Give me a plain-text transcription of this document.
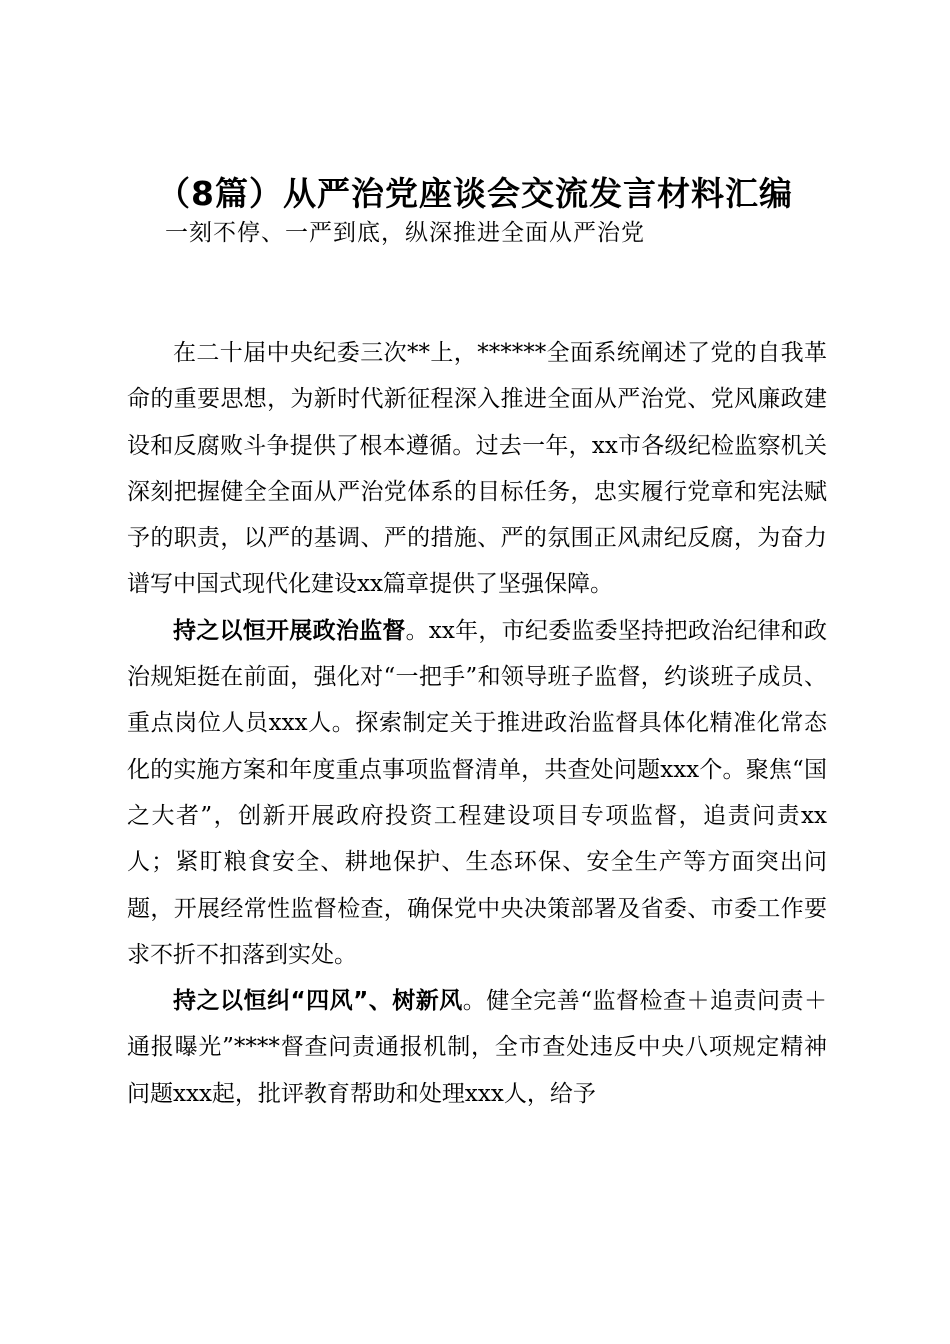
（8篇）从严治党座谈会交流发言材料汇编
一刻不停、一严到底，纵深推进全面从严治党

在二十届中央纪委三次**上，******全面系统阐述了党的自我革命的重要思想，为新时代新征程深入推进全面从严治党、党风廉政建设和反腐败斗争提供了根本遵循。过去一年，xx市各级纪检监察机关深刻把握健全全面从严治党体系的目标任务，忠实履行党章和宪法赋予的职责，以严的基调、严的措施、严的氛围正风肃纪反腐，为奋力谱写中国式现代化建设xx篇章提供了坚强保障。

持之以恒开展政治监督。xx年，市纪委监委坚持把政治纪律和政治规矩挺在前面，强化对“一把手”和领导班子监督，约谈班子成员、重点岗位人员xxx人。探索制定关于推进政治监督具体化精准化常态化的实施方案和年度重点事项监督清单，共查处问题xxx个。聚焦“国之大者”，创新开展政府投资工程建设项目专项监督，追责问责xx人；紧盯粮食安全、耕地保护、生态环保、安全生产等方面突出问题，开展经常性监督检查，确保党中央决策部署及省委、市委工作要求不折不扣落到实处。

持之以恒纠“四风”、树新风。健全完善“监督检查＋追责问责＋通报曝光”****督查问责通报机制，全市查处违反中央八项规定精神问题xxx起，批评教育帮助和处理xxx人，给予
